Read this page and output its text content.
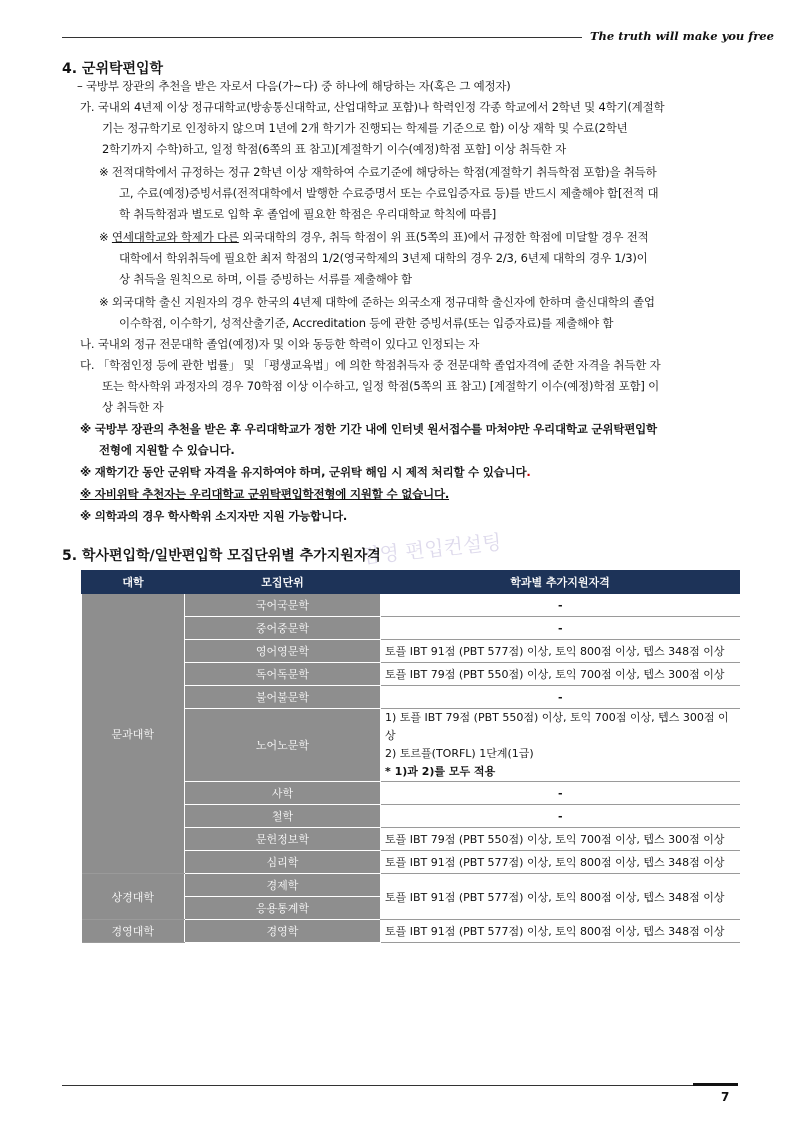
The truth will make you free
4. 군위탁편입학
– 국방부 장관의 추천을 받은 자로서 다음(가~다) 중 하나에 해당하는 자(혹은 그 예정자)
가. 국내외 4년제 이상 정규대학교(방송통신대학교, 산업대학교 포함)나 학력인정 각종 학교에서 2학년 및 4학기(계절학
기는 정규학기로 인정하지 않으며 1년에 2개 학기가 진행되는 학제를 기준으로 함) 이상 재학 및 수료(2학년
2학기까지 수학)하고, 일정 학점(6쪽의 표 참고)[계절학기 이수(예정)학점 포함] 이상 취득한 자
※ 전적대학에서 규정하는 정규 2학년 이상 재학하여 수료기준에 해당하는 학점(계절학기 취득학점 포함)을 취득하
고, 수료(예정)증빙서류(전적대학에서 발행한 수료증명서 또는 수료입증자료 등)를 반드시 제출해야 함[전적 대
학 취득학점과 별도로 입학 후 졸업에 필요한 학점은 우리대학교 학칙에 따름]
※ 연세대학교와 학제가 다른 외국대학의 경우, 취득 학점이 위 표(5쪽의 표)에서 규정한 학점에 미달할 경우 전적
대학에서 학위취득에 필요한 최저 학점의 1/2(영국학제의 3년제 대학의 경우 2/3, 6년제 대학의 경우 1/3)이
상 취득을 원칙으로 하며, 이를 증빙하는 서류를 제출해야 함
※ 외국대학 출신 지원자의 경우 한국의 4년제 대학에 준하는 외국소재 정규대학 출신자에 한하며 출신대학의 졸업
이수학점, 이수학기, 성적산출기준, Accreditation 등에 관한 증빙서류(또는 입증자료)를 제출해야 함
나. 국내외 정규 전문대학 졸업(예정)자 및 이와 동등한 학력이 있다고 인정되는 자
다. 「학점인정 등에 관한 법률」 및 「평생교육법」에 의한 학점취득자 중 전문대학 졸업자격에 준한 자격을 취득한 자
또는 학사학위 과정자의 경우 70학점 이상 이수하고, 일정 학점(5쪽의 표 참고) [계절학기 이수(예정)학점 포함] 이
상 취득한 자
※ 국방부 장관의 추천을 받은 후 우리대학교가 정한 기간 내에 인터넷 원서접수를 마쳐야만 우리대학교 군위탁편입학
전형에 지원할 수 있습니다.
※ 재학기간 동안 군위탁 자격을 유지하여야 하며, 군위탁 해임 시 제적 처리할 수 있습니다.
※ 자비위탁 추천자는 우리대학교 군위탁편입학전형에 지원할 수 없습니다.
※ 의학과의 경우 학사학위 소지자만 지원 가능합니다.
김영 편입컨설팅
5. 학사편입학/일반편입학 모집단위별 추가지원자격
대학	모집단위	학과별 추가지원자격
문과대학	국어국문학	-
	중어중문학	-
	영어영문학	토플 IBT 91점 (PBT 577점) 이상, 토익 800점 이상, 텝스 348점 이상
	독어독문학	토플 IBT 79점 (PBT 550점) 이상, 토익 700점 이상, 텝스 300점 이상
	불어불문학	-
	노어노문학	1) 토플 IBT 79점 (PBT 550점) 이상, 토익 700점 이상, 텝스 300점 이상
2) 토르플(TORFL) 1단계(1급)
* 1)과 2)를 모두 적용

	사학	-
	철학	-
	문헌정보학	토플 IBT 79점 (PBT 550점) 이상, 토익 700점 이상, 텝스 300점 이상
	심리학	토플 IBT 91점 (PBT 577점) 이상, 토익 800점 이상, 텝스 348점 이상
상경대학	경제학	토플 IBT 91점 (PBT 577점) 이상, 토익 800점 이상, 텝스 348점 이상
	응용통계학	
경영대학	경영학	토플 IBT 91점 (PBT 577점) 이상, 토익 800점 이상, 텝스 348점 이상
7
